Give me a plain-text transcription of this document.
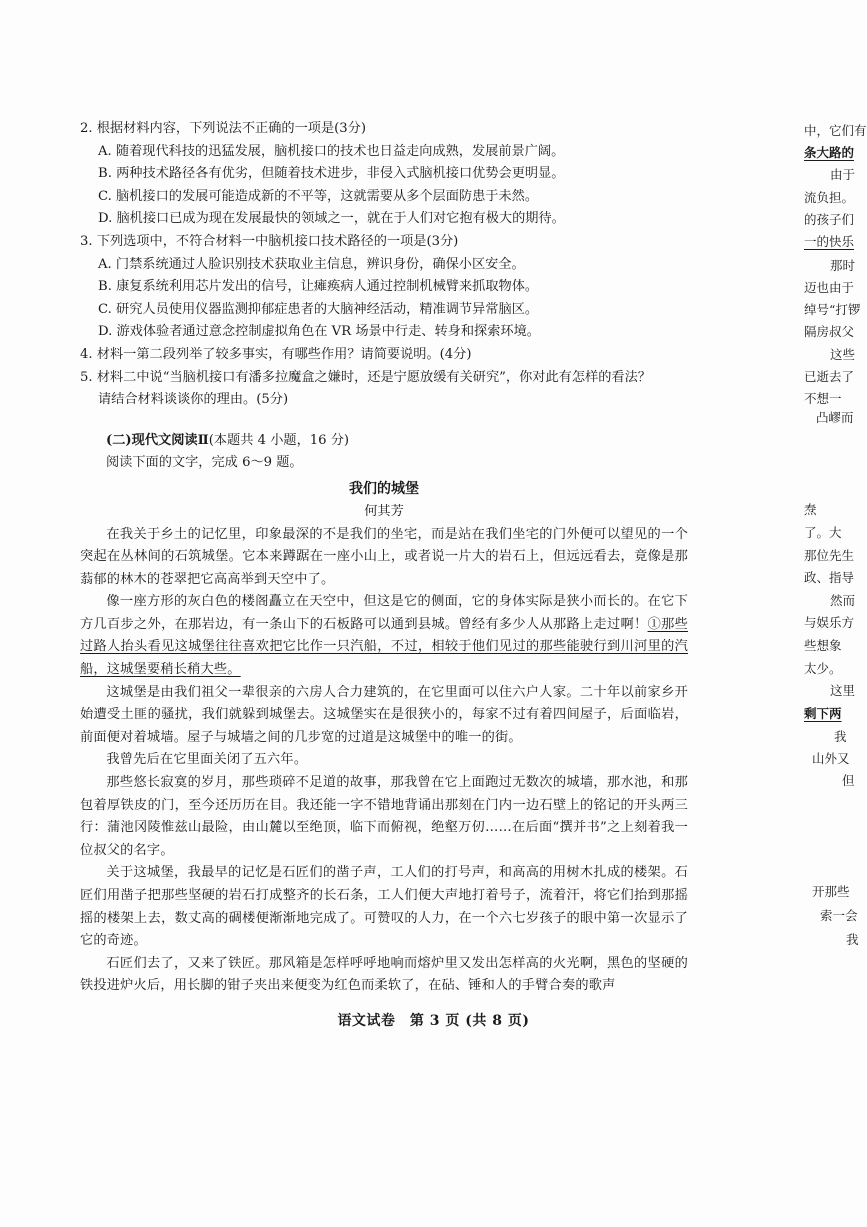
2. 根据材料内容，下列说法不正确的一项是(3分)
A. 随着现代科技的迅猛发展，脑机接口的技术也日益走向成熟，发展前景广阔。
B. 两种技术路径各有优劣，但随着技术进步，非侵入式脑机接口优势会更明显。
C. 脑机接口的发展可能造成新的不平等，这就需要从多个层面防患于未然。
D. 脑机接口已成为现在发展最快的领域之一，就在于人们对它抱有极大的期待。
3. 下列选项中，不符合材料一中脑机接口技术路径的一项是(3分)
A. 门禁系统通过人脸识别技术获取业主信息，辨识身份，确保小区安全。
B. 康复系统利用芯片发出的信号，让瘫痪病人通过控制机械臂来抓取物体。
C. 研究人员使用仪器监测抑郁症患者的大脑神经活动，精准调节异常脑区。
D. 游戏体验者通过意念控制虚拟角色在 VR 场景中行走、转身和探索环境。
4. 材料一第二段列举了较多事实，有哪些作用？请简要说明。(4分)
5. 材料二中说“当脑机接口有潘多拉魔盒之嫌时，还是宁愿放缓有关研究”，你对此有怎样的看法？
请结合材料谈谈你的理由。(5分)
(二)现代文阅读Ⅱ(本题共 4 小题，16 分)
阅读下面的文字，完成 6～9 题。
我们的城堡
何其芳

在我关于乡土的记忆里，印象最深的不是我们的坐宅，而是站在我们坐宅的门外便可以望见的一个突起在丛林间的石筑城堡。它本来蹲踞在一座小山上，或者说一片大的岩石上，但远远看去，竟像是那蓊郁的林木的苍翠把它高高举到天空中了。

像一座方形的灰白色的楼阁矗立在天空中，但这是它的侧面，它的身体实际是狭小而长的。在它下方几百步之外，在那岩边，有一条山下的石板路可以通到县城。曾经有多少人从那路上走过啊！①那些过路人抬头看见这城堡往往喜欢把它比作一只汽船，不过，相较于他们见过的那些能驶行到川河里的汽船，这城堡要稍长稍大些。

这城堡是由我们祖父一辈很亲的六房人合力建筑的，在它里面可以住六户人家。二十年以前家乡开始遭受土匪的骚扰，我们就躲到城堡去。这城堡实在是很狭小的，每家不过有着四间屋子，后面临岩，前面便对着城墙。屋子与城墙之间的几步宽的过道是这城堡中的唯一的街。

我曾先后在它里面关闭了五六年。

那些悠长寂寞的岁月，那些琐碎不足道的故事，那我曾在它上面跑过无数次的城墙，那水池，和那包着厚铁皮的门，至今还历历在目。我还能一字不错地背诵出那刻在门内一边石壁上的铭记的开头两三行：蒲池冈陵惟兹山最险，由山麓以至绝顶，临下而俯视，绝壑万仞……在后面“撰并书”之上刻着我一位叔父的名字。

关于这城堡，我最早的记忆是石匠们的凿子声，工人们的打号声，和高高的用树木扎成的楼架。石匠们用凿子把那些坚硬的岩石打成整齐的长石条，工人们便大声地打着号子，流着汗，将它们抬到那摇摇的楼架上去，数丈高的碉楼便渐渐地完成了。可赞叹的人力，在一个六七岁孩子的眼中第一次显示了它的奇迹。

石匠们去了，又来了铁匠。那风箱是怎样呼呼地响而熔炉里又发出怎样高的火光啊，黑色的坚硬的铁投进炉火后，用长脚的钳子夹出来便变为红色而柔软了，在砧、锤和人的手臂合奏的歌声

语文试卷　第 3 页 (共 8 页)
中，它们有
条大路的
由于
流负担。
的孩子们
一的快乐
那时
迈也由于
绰号“打锣
隔房叔父
这些
已逝去了
不想一
凸嵺而
焘
了。大
那位先生
政、指导
然而
与娱乐方
些想象
太少。
这里
剩下两
我
山外又
但
开那些
索一会
我
